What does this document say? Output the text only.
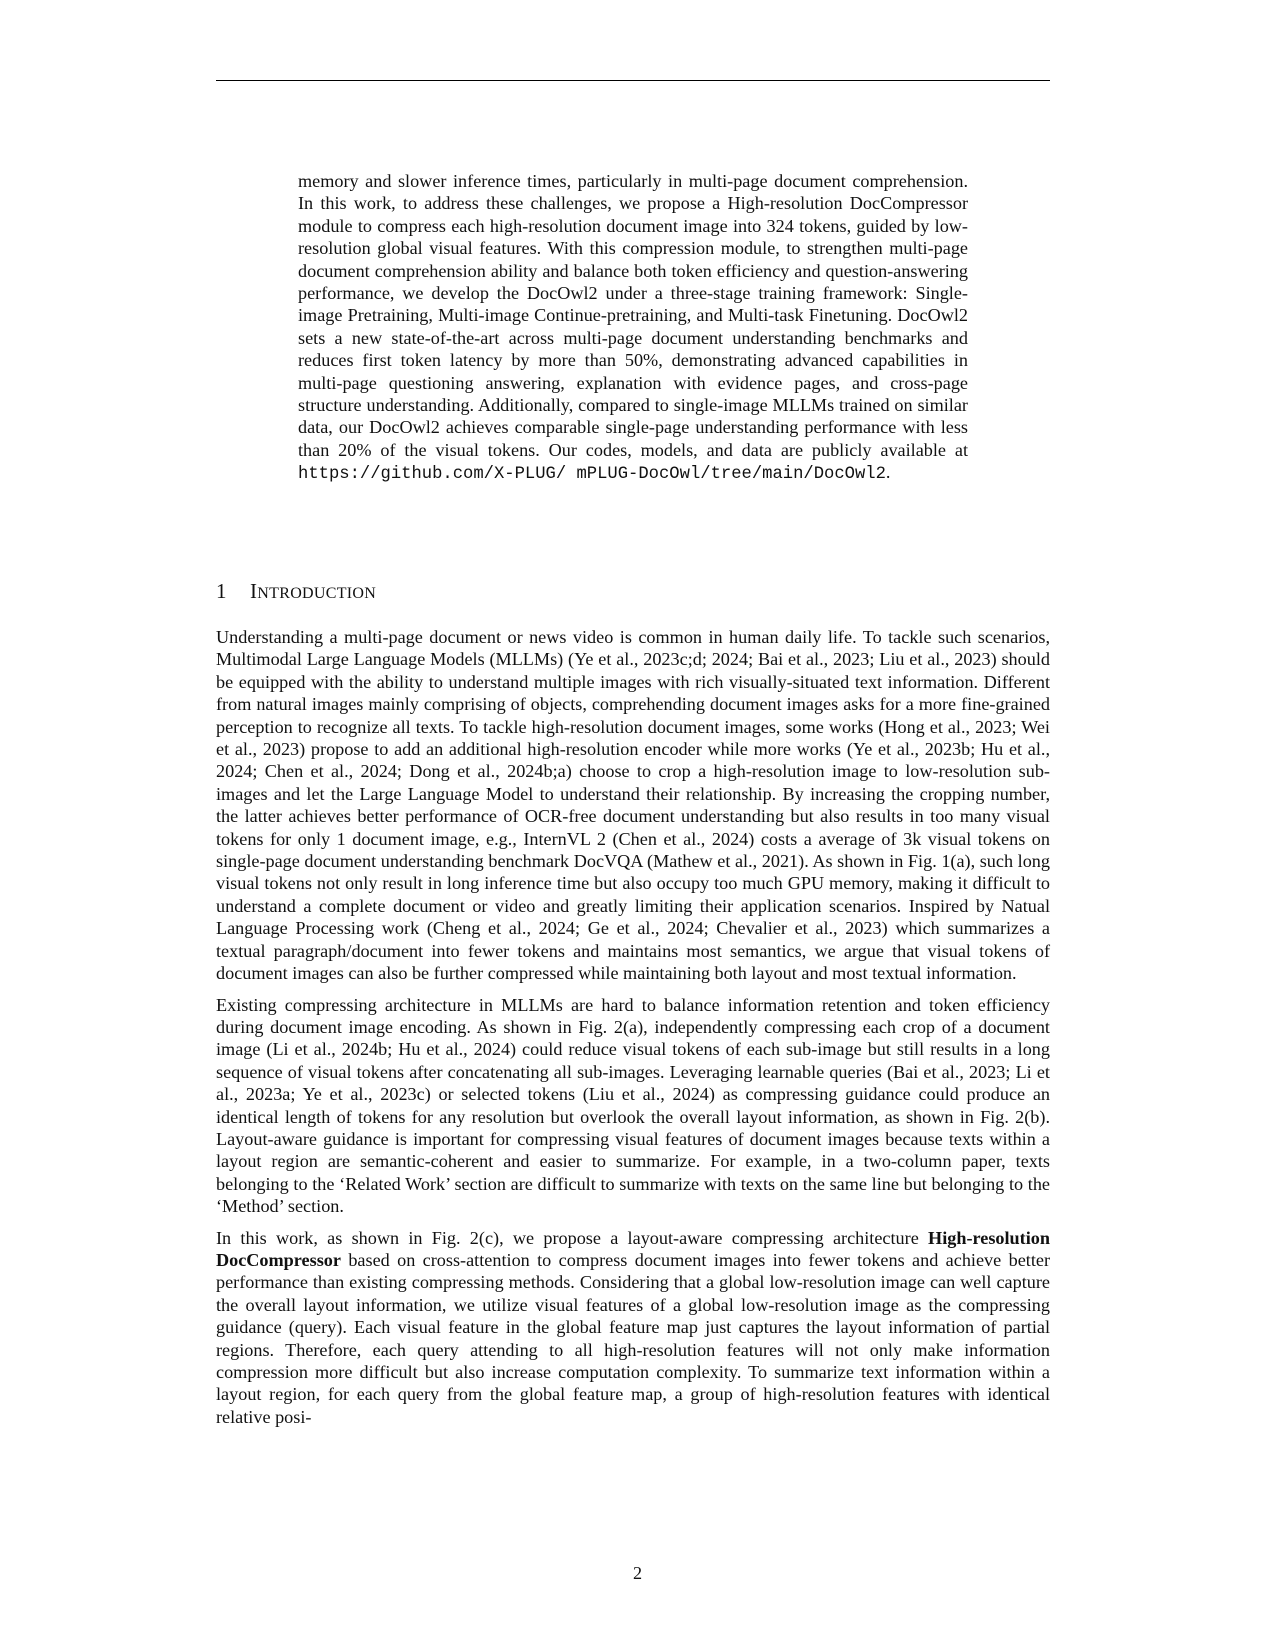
memory and slower inference times, particularly in multi-page document comprehension. In this work, to address these challenges, we propose a High-resolution DocCompressor module to compress each high-resolution document image into 324 tokens, guided by low-resolution global visual features. With this compression module, to strengthen multi-page document comprehension ability and balance both token efficiency and question-answering performance, we develop the DocOwl2 under a three-stage training framework: Single-image Pretraining, Multi-image Continue-pretraining, and Multi-task Finetuning. DocOwl2 sets a new state-of-the-art across multi-page document understanding benchmarks and reduces first token latency by more than 50%, demonstrating advanced capabilities in multi-page questioning answering, explanation with evidence pages, and cross-page structure understanding. Additionally, compared to single-image MLLMs trained on similar data, our DocOwl2 achieves comparable single-page understanding performance with less than 20% of the visual tokens. Our codes, models, and data are publicly available at https://github.com/X-PLUG/ mPLUG-DocOwl/tree/main/DocOwl2.
1 INTRODUCTION

Understanding a multi-page document or news video is common in human daily life. To tackle such scenarios, Multimodal Large Language Models (MLLMs) (Ye et al., 2023c;d; 2024; Bai et al., 2023; Liu et al., 2023) should be equipped with the ability to understand multiple images with rich visually-situated text information. Different from natural images mainly comprising of objects, comprehending document images asks for a more fine-grained perception to recognize all texts. To tackle high-resolution document images, some works (Hong et al., 2023; Wei et al., 2023) propose to add an additional high-resolution encoder while more works (Ye et al., 2023b; Hu et al., 2024; Chen et al., 2024; Dong et al., 2024b;a) choose to crop a high-resolution image to low-resolution sub-images and let the Large Language Model to understand their relationship. By increasing the cropping number, the latter achieves better performance of OCR-free document understanding but also results in too many visual tokens for only 1 document image, e.g., InternVL 2 (Chen et al., 2024) costs a average of 3k visual tokens on single-page document understanding benchmark DocVQA (Mathew et al., 2021). As shown in Fig. 1(a), such long visual tokens not only result in long inference time but also occupy too much GPU memory, making it difficult to understand a complete document or video and greatly limiting their application scenarios. Inspired by Natual Language Processing work (Cheng et al., 2024; Ge et al., 2024; Chevalier et al., 2023) which summarizes a textual paragraph/document into fewer tokens and maintains most semantics, we argue that visual tokens of document images can also be further compressed while maintaining both layout and most textual information.

Existing compressing architecture in MLLMs are hard to balance information retention and token efficiency during document image encoding. As shown in Fig. 2(a), independently compressing each crop of a document image (Li et al., 2024b; Hu et al., 2024) could reduce visual tokens of each sub-image but still results in a long sequence of visual tokens after concatenating all sub-images. Leveraging learnable queries (Bai et al., 2023; Li et al., 2023a; Ye et al., 2023c) or selected tokens (Liu et al., 2024) as compressing guidance could produce an identical length of tokens for any resolution but overlook the overall layout information, as shown in Fig. 2(b). Layout-aware guidance is important for compressing visual features of document images because texts within a layout region are semantic-coherent and easier to summarize. For example, in a two-column paper, texts belonging to the ‘Related Work’ section are difficult to summarize with texts on the same line but belonging to the ‘Method’ section.

In this work, as shown in Fig. 2(c), we propose a layout-aware compressing architecture High-resolution DocCompressor based on cross-attention to compress document images into fewer tokens and achieve better performance than existing compressing methods. Considering that a global low-resolution image can well capture the overall layout information, we utilize visual features of a global low-resolution image as the compressing guidance (query). Each visual feature in the global feature map just captures the layout information of partial regions. Therefore, each query attending to all high-resolution features will not only make information compression more difficult but also increase computation complexity. To summarize text information within a layout region, for each query from the global feature map, a group of high-resolution features with identical relative posi-

2
